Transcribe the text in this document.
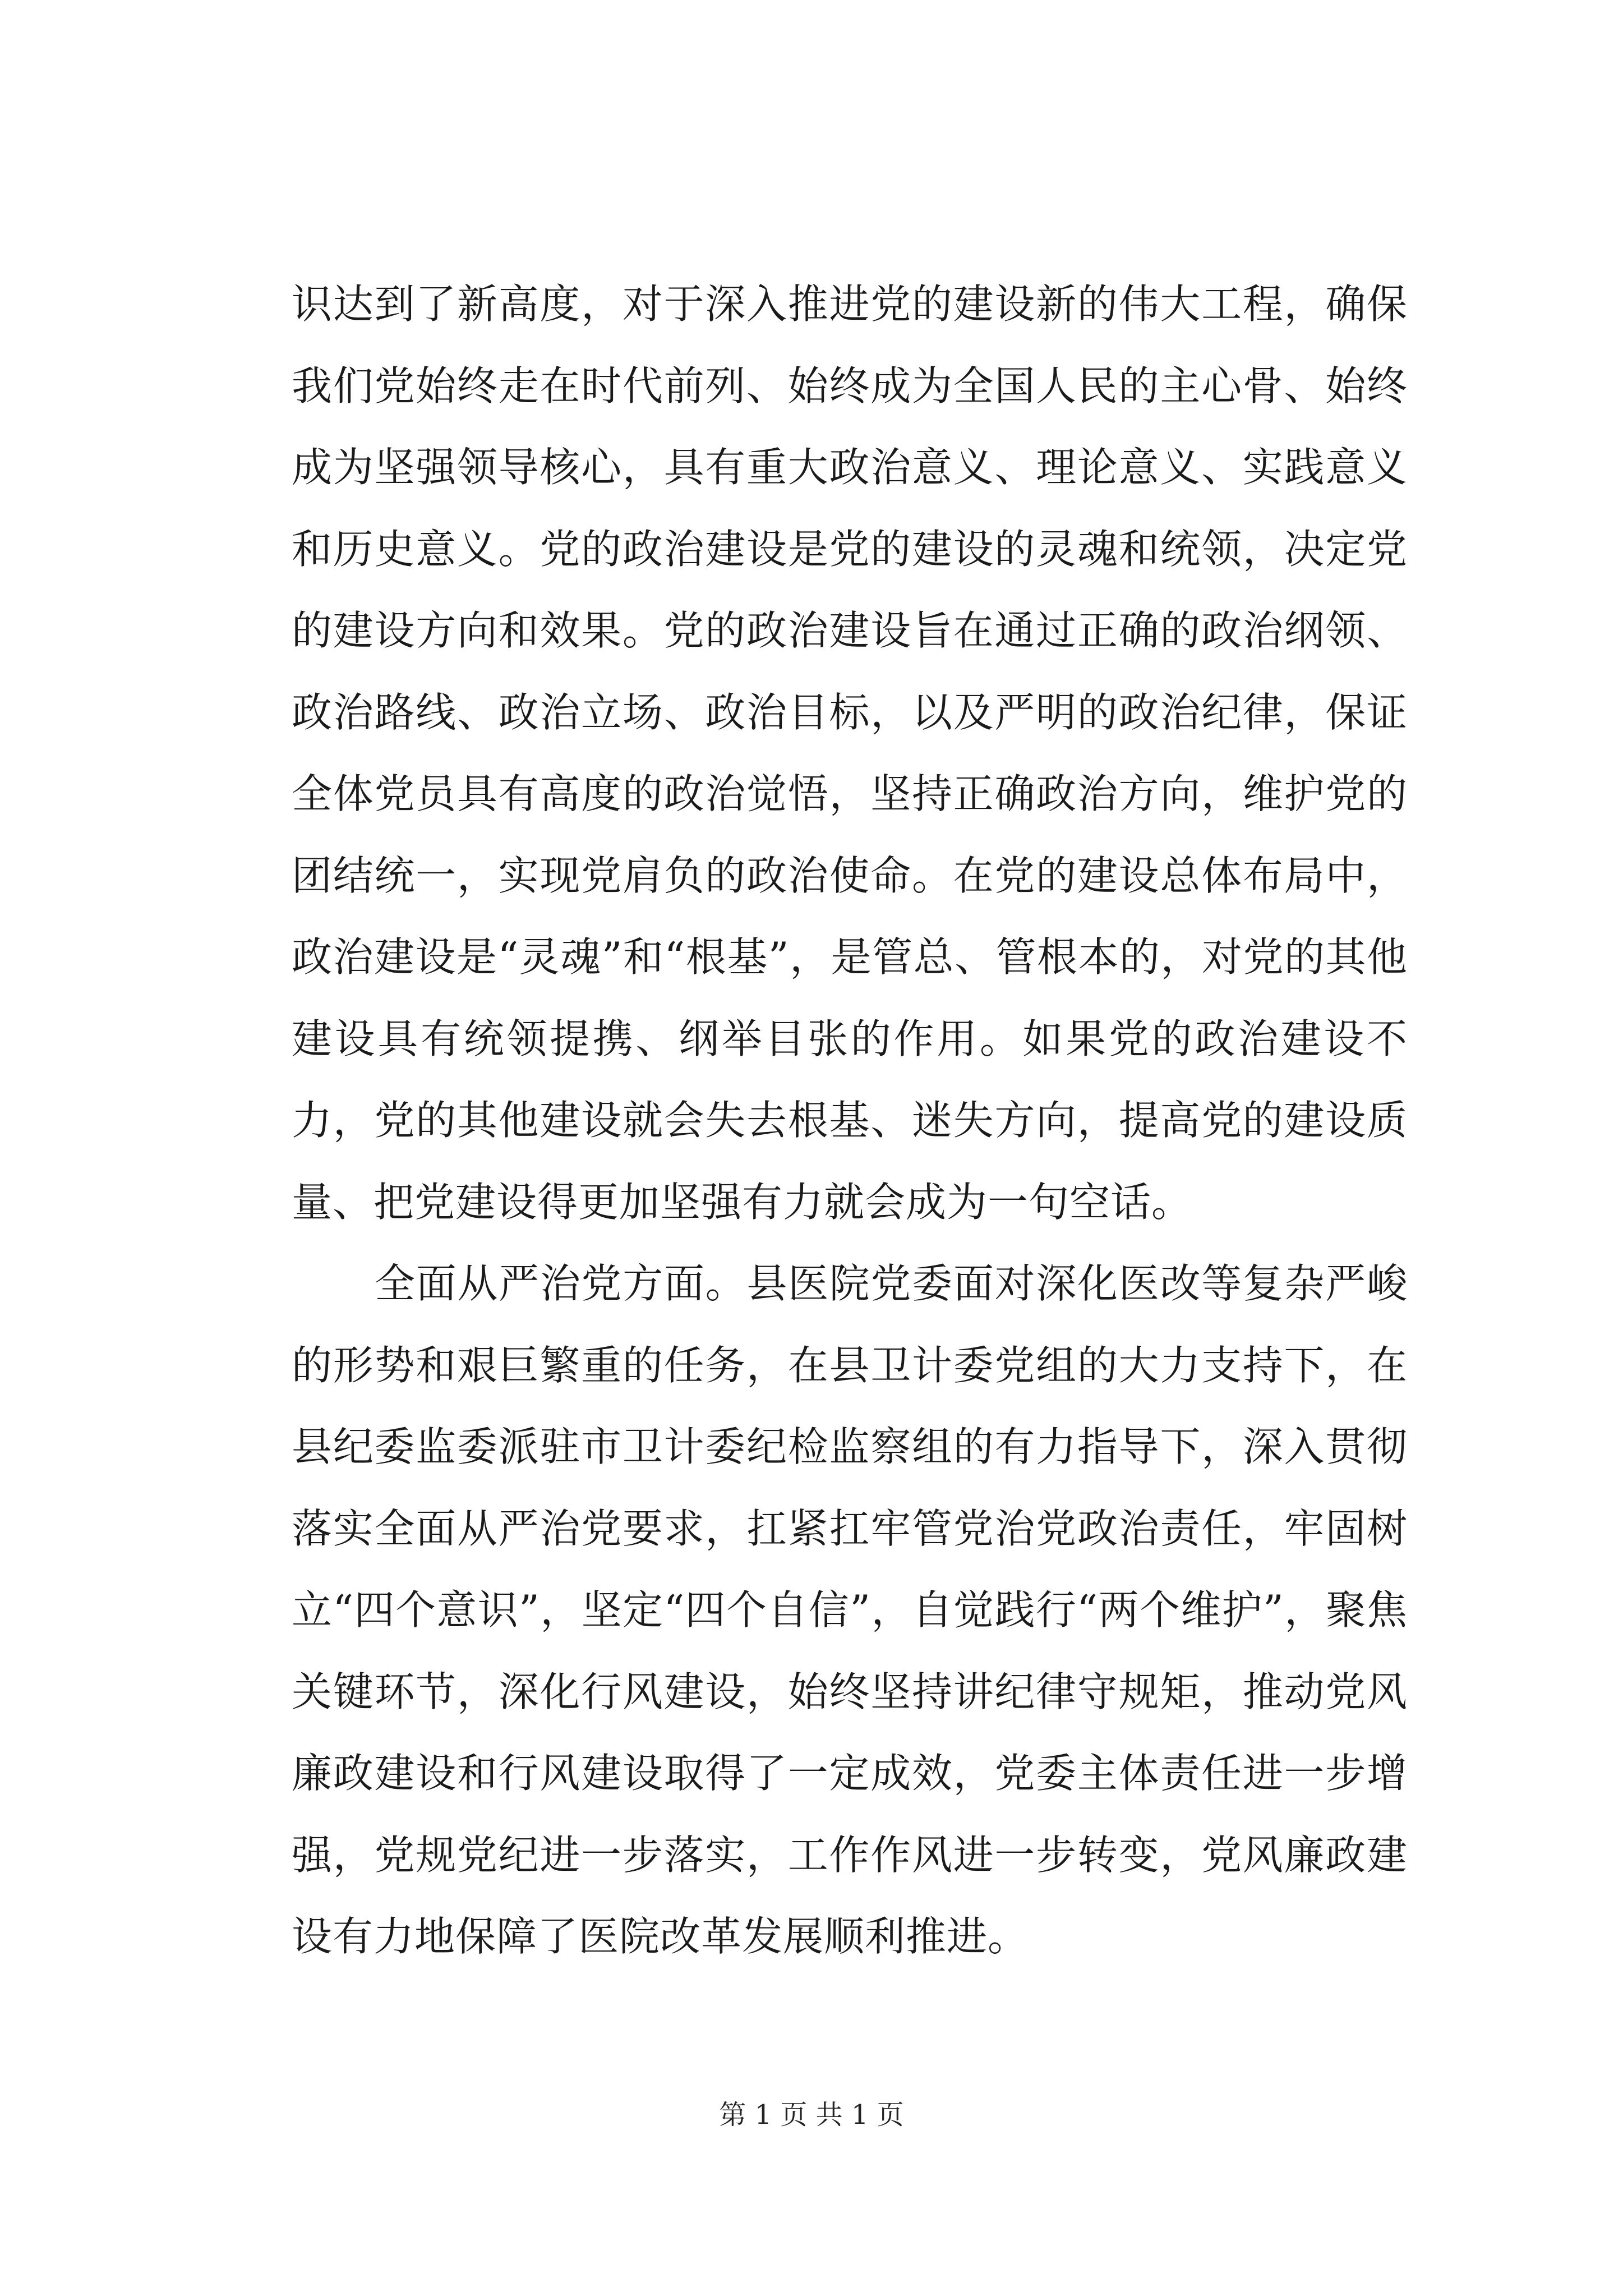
识达到了新高度，对于深入推进党的建设新的伟大工程，确保我们党始终走在时代前列、始终成为全国人民的主心骨、始终成为坚强领导核心，具有重大政治意义、理论意义、实践意义和历史意义。党的政治建设是党的建设的灵魂和统领，决定党的建设方向和效果。党的政治建设旨在通过正确的政治纲领、政治路线、政治立场、政治目标，以及严明的政治纪律，保证全体党员具有高度的政治觉悟，坚持正确政治方向，维护党的团结统一，实现党肩负的政治使命。在党的建设总体布局中，政治建设是“灵魂”和“根基”，是管总、管根本的，对党的其他建设具有统领提携、纲举目张的作用。如果党的政治建设不力，党的其他建设就会失去根基、迷失方向，提高党的建设质量、把党建设得更加坚强有力就会成为一句空话。

全面从严治党方面。县医院党委面对深化医改等复杂严峻的形势和艰巨繁重的任务，在县卫计委党组的大力支持下，在县纪委监委派驻市卫计委纪检监察组的有力指导下，深入贯彻落实全面从严治党要求，扛紧扛牢管党治党政治责任，牢固树立“四个意识”，坚定“四个自信”，自觉践行“两个维护”，聚焦关键环节，深化行风建设，始终坚持讲纪律守规矩，推动党风廉政建设和行风建设取得了一定成效，党委主体责任进一步增强，党规党纪进一步落实，工作作风进一步转变，党风廉政建设有力地保障了医院改革发展顺利推进。

第 1 页 共 1 页
